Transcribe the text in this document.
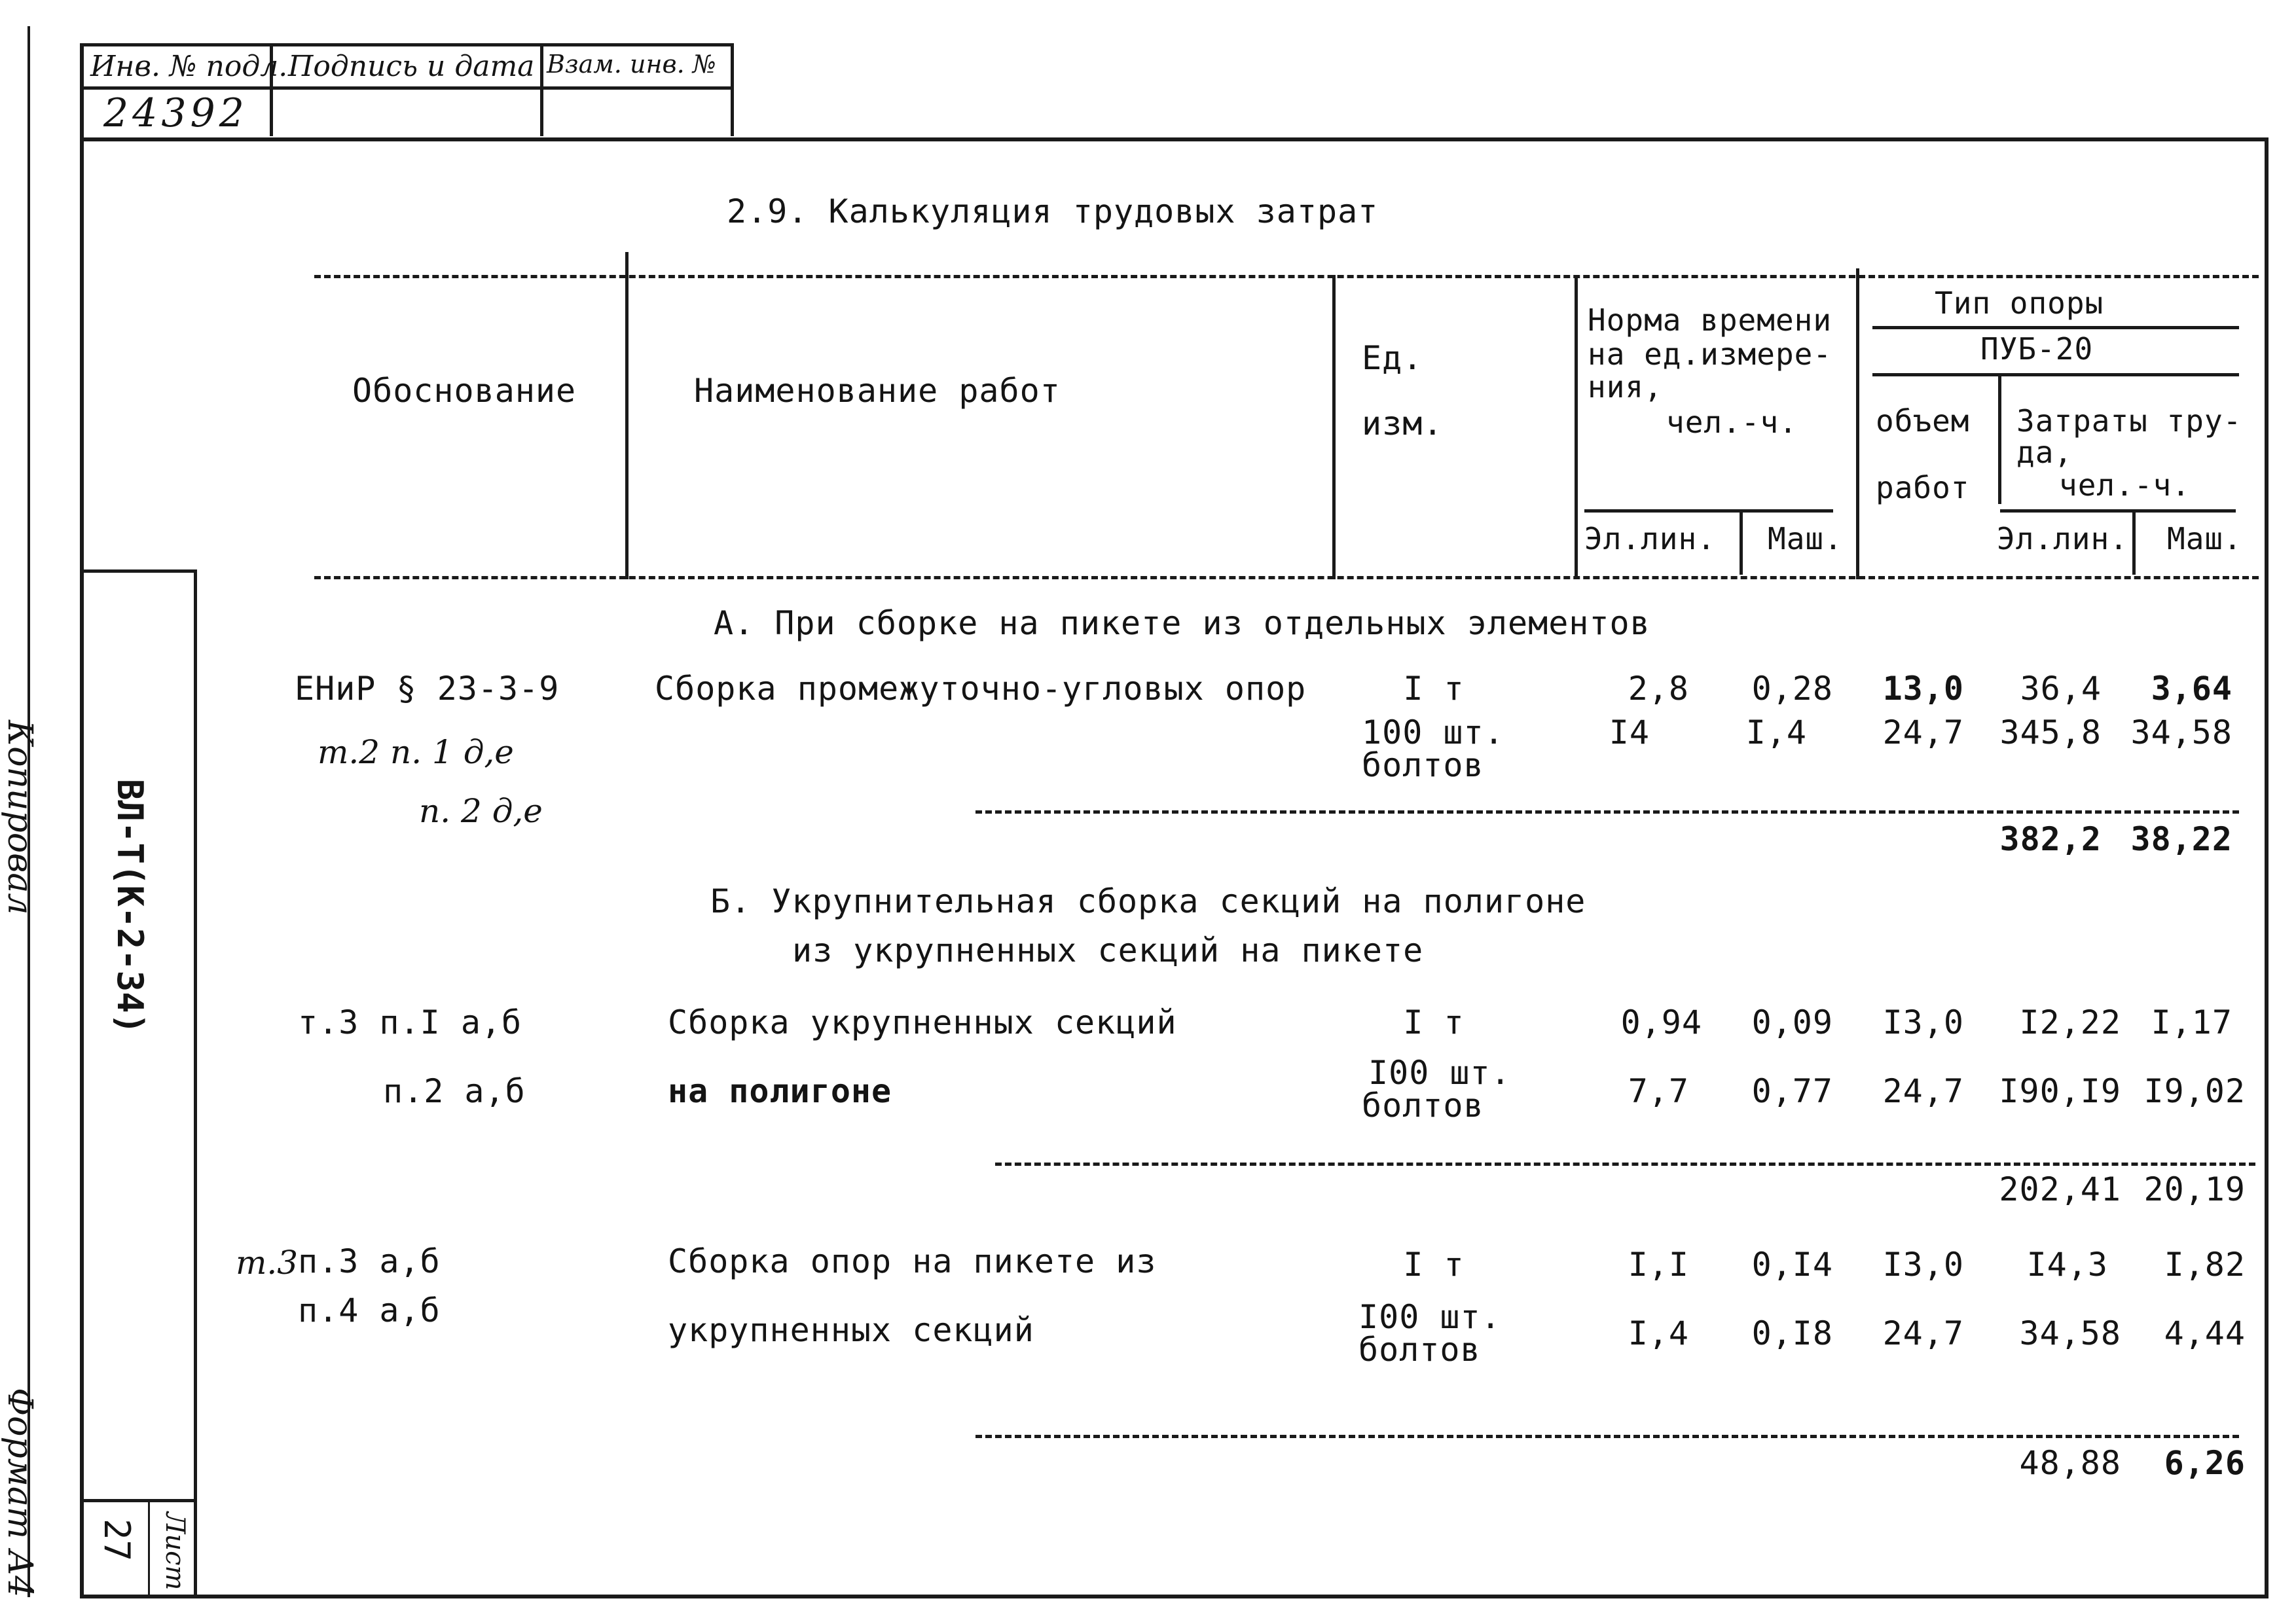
Инв. № подл. Подпись и дата Взам. инв. №
24392
Копировал
Формат А4
ВЛ-Т(К-2-34)
Лист
27
2.9. Калькуляция трудовых затрат
Обоснование	Наименование работ
Ед.
изм.
Норма времени
на ед.измере-
ния,
чел.-ч.
Эл.лин. Маш.
Тип опоры
ПУБ-20
объем
работ
Затраты тру-
да,
чел.-ч.
Эл.лин. Маш.
А. При сборке на пикете из отдельных элементов
ЕНиР § 23-3-9
т.2 п. 1 д,е
п. 2 д,е
Сборка промежуточно-угловых опор	I т	2,8	0,28	13,0	36,4	3,64
100 шт.
болтов
I4	I,4	24,7	345,8 34,58
382,2 38,22
Б. Укрупнительная сборка секций на полигоне
из укрупненных секций на пикете
т.3 п.I а,б
п.2 а,б
Сборка укрупненных секций
на полигоне
I т	0,94	0,09	I3,0	I2,22 I,17
I00 шт.
болтов	7,7	0,77	24,7	I90,I9 I9,02
202,41 20,19
т.3 п.3 а,б
п.4 а,б
Сборка опор на пикете из
укрупненных секций
I т	I,I	0,I4	I3,0	I4,3	I,82
I00 шт.
болтов	I,4	0,I8	24,7	34,58	4,44
48,88	6,26
